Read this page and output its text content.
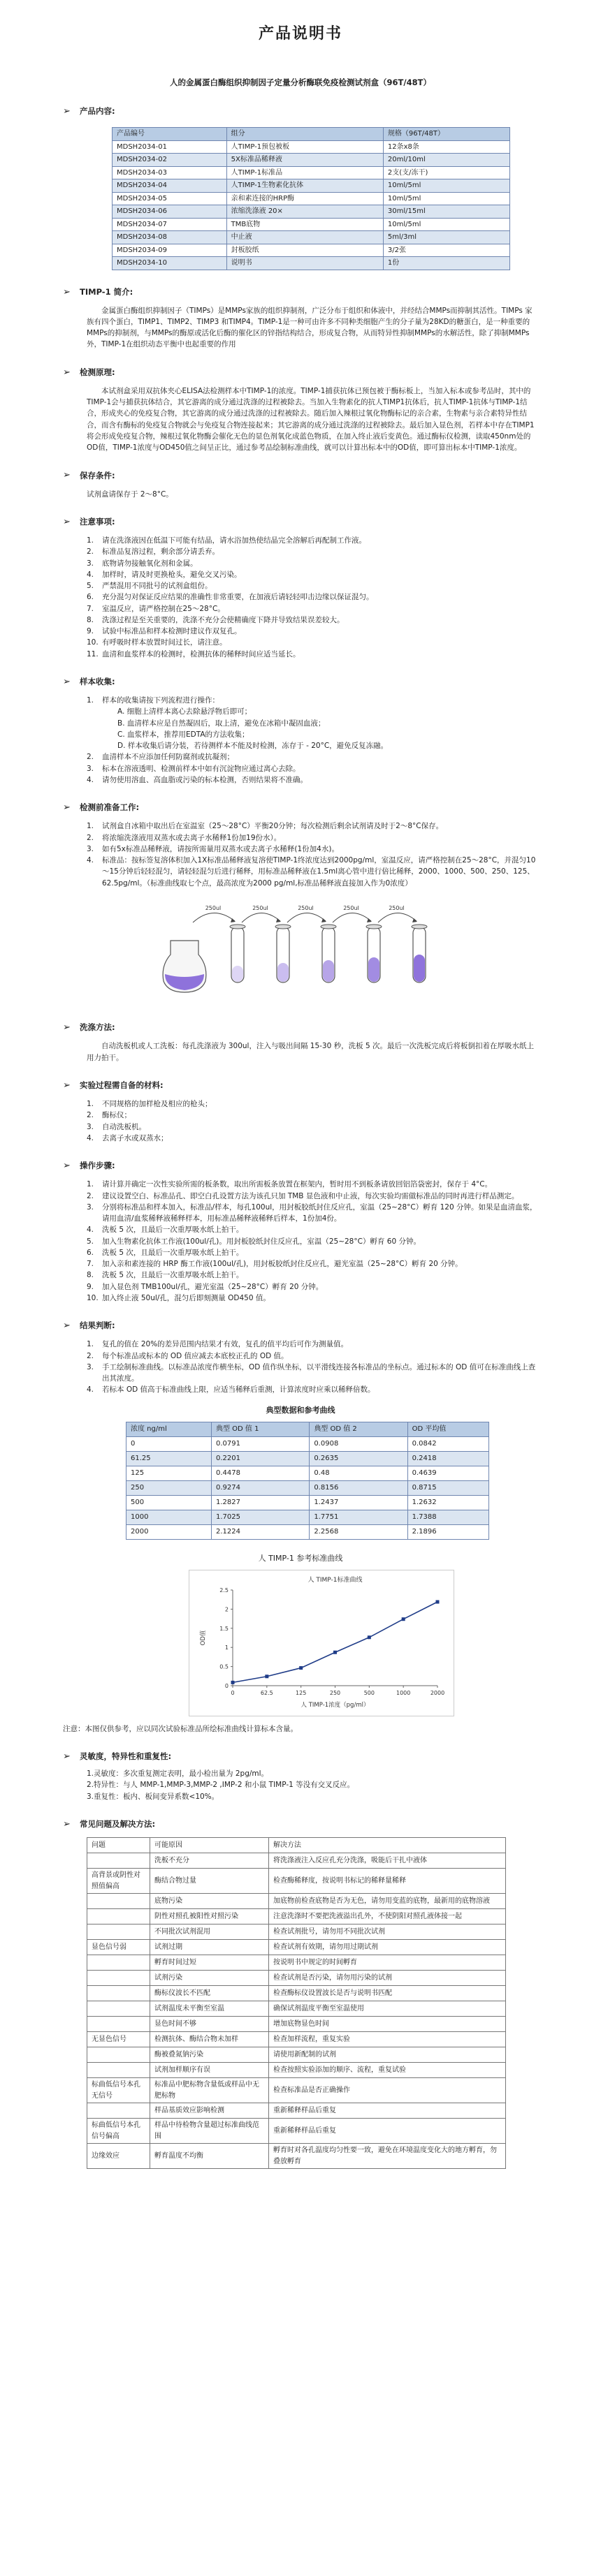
产品说明书
人的金属蛋白酶组织抑制因子定量分析酶联免疫检测试剂盒（96T/48T）
➢	产品内容:
产品编号	组分	规格（96T/48T）
MDSH2034-01	人TIMP-1预包被板	12条x8条
MDSH2034-02	5X标准品稀释液	20ml/10ml
MDSH2034-03	人TIMP-1标准品	2支(支/冻干)
MDSH2034-04	人TIMP-1生物素化抗体	10ml/5ml
MDSH2034-05	亲和素连接的HRP酶	10ml/5ml
MDSH2034-06	浓缩洗涤液 20×	30ml/15ml
MDSH2034-07	TMB底物	10ml/5ml
MDSH2034-08	中止液	5ml/3ml
MDSH2034-09	封板胶纸	3/2张
MDSH2034-10	说明书	1份
➢	TIMP-1 简介:

金属蛋白酶组织抑制因子（TIMPs）是MMPs家族的组织抑制剂，广泛分布于组织和体液中，并经结合MMPs而抑制其活性。TIMPs 家族有四个蛋白，TIMP1、TIMP2、TIMP3 和TIMP4。TIMP-1是一种可由许多不同种类细胞产生的分子量为28KD的糖蛋白，是一种重要的MMPs的抑制剂，与MMPs的酶原或活化后酶的催化区的锌指结构结合，形成复合物，从而特异性抑制MMPs的水解活性，除了抑制MMPs外，TIMP-1在组织动态平衡中也起重要的作用

➢	检测原理:

本试剂盒采用双抗体夹心ELISA法检测样本中TIMP-1的浓度。TIMP-1捕获抗体已预包被于酶标板上，当加入标本或参考品时，其中的TIMP-1会与捕获抗体结合，其它游离的成分通过洗涤的过程被除去。当加入生物素化的抗人TIMP1抗体后，抗人TIMP-1抗体与TIMP-1结合，形成夹心的免疫复合物，其它游离的成分通过洗涤的过程被除去。随后加入辣根过氧化物酶标记的亲合素，生物素与亲合素特异性结合，而含有酶标的免疫复合物就会与免疫复合物连接起来；其它游离的成分通过洗涤的过程被除去。最后加入显色剂，若样本中存在TIMP1将会形成免疫复合物，辣根过氧化物酶会催化无色的显色剂氧化成蓝色物质，在加入终止液后变黄色。通过酶标仪检测，读取450nm处的OD值，TIMP-1浓度与OD450值之间呈正比，通过参考品绘制标准曲线，就可以计算出标本中的OD值，即可算出标本中TIMP-1浓度。

➢	保存条件:

试剂盒请保存于 2～8°C。

➢	注意事项:
1.	请在洗涤液因在低温下可能有结晶，请水浴加热使结晶完全溶解后再配制工作液。
2.	标准品复溶过程，剩余部分请丢弃。
3.	底物请勿接触氧化剂和金属。
4.	加样时，请及时更换枪头，避免交叉污染。
5.	严禁混用不同批号的试剂盒组份。
6.	充分混匀对保证反应结果的准确性非常重要，在加液后请轻轻叩击边缘以保证混匀。
7.	室温反应，请严格控制在25～28°C。
8.	洗涤过程是至关重要的，洗涤不充分会使精确度下降并导致结果误差较大。
9.	试验中标准品和样本检测时建议作双复孔。
10. 有呼吸时样本放置时间过长，请注意。
11. 血清和血浆样本的检测时，检测抗体的稀释时间应适当延长。
➢	样本收集:
1.	样本的收集请按下列流程进行操作：
A. 细胞上清样本离心去除悬浮物后即可；
B. 血清样本应是自然凝固后，取上清，避免在冰箱中凝固血液；
C. 血浆样本，推荐用EDTA的方法收集；
D. 样本收集后请分装，若待测样本不能及时检测，冻存于 - 20°C，避免反复冻融。
2.	血清样本不应添加任何防腐剂或抗凝剂；
3.	标本在溶液透明、检测前样本中如有沉淀物应通过离心去除。
4.	请勿使用溶血、高血脂或污染的标本检测，否则结果将不准确。
➢	检测前准备工作:
1.	试剂盒自冰箱中取出后在室温室（25～28°C）平衡20分钟；每次检测后剩余试剂请及时于2～8°C保存。
2.	将浓缩洗涤液用双蒸水或去离子水稀释1份加19份水）。
3.	如有5x标准品稀释液，请按所需量用双蒸水或去离子水稀释(1份加4水)。
4.	标准品：按标签复溶体积加入1X标准品稀释液复溶使TIMP-1终浓度达到2000pg/ml，室温反应，请严格控制在25～28°C，并混匀10～15分钟后轻轻混匀，请轻轻混匀后进行稀释，用标准品稀释液在1.5ml离心管中进行倍比稀释，2000、1000、500、250、125、62.5pg/ml。（标准曲线取七个点，最高浓度为2000 pg/ml,标准品稀释液直接加入作为0浓度）
250ul	250ul	250ul	250ul	250ul
➢	洗涤方法:

自动洗板机或人工洗板：每孔洗涤液为 300ul，注入与吸出间隔 15-30 秒，洗板 5 次。最后一次洗板完成后将板倒扣着在厚吸水纸上用力拍干。

➢	实验过程需自备的材料:
1.	不同规格的加样枪及相应的枪头；
2.	酶标仪；
3.	自动洗板机。
4.	去离子水或双蒸水；
➢	操作步骤:
1.	请计算并确定一次性实验所需的板条数，取出所需板条放置在框架内，暂时用不到板条请放回铝箔袋密封，保存于 4°C。
2.	建议设置空白、标准品孔、即空白孔设置方法为该孔只加 TMB 显色液和中止液，每次实验均需做标准品的同时再进行样品测定。
3.	分别将标准品和样本加入，标准品/样本，每孔100ul，用封板胶纸封住反应孔，室温（25~28°C）孵育 120 分钟。如果是血清血浆，请用血清/血浆稀释液稀释样本，用标准品稀释液稀释后样本，1份加4份。
4.	洗板 5 次，且最后一次重厚吸水纸上拍干。
5.	加入生物素化抗体工作液(100ul/孔)。用封板胶纸封住反应孔，室温（25~28°C）孵育 60 分钟。
6.	洗板 5 次，且最后一次重厚吸水纸上拍干。
7.	加入亲和素连接的 HRP 酶工作液(100ul/孔)，用封板胶纸封住反应孔，避光室温（25~28°C）孵育 20 分钟。
8.	洗板 5 次，且最后一次重厚吸水纸上拍干。
9.	加入显色剂 TMB100ul/孔，避光室温（25~28°C）孵育 20 分钟。
10. 加入终止液 50ul/孔，混匀后即刻测量 OD450 值。
➢	结果判断:
1.	复孔的值在 20%的差异范围内结果才有效，复孔的值平均后可作为测量值。
2.	每个标准品或标本的 OD 值应减去本底校正孔的 OD 值。
3.	手工绘制标准曲线。以标准品浓度作横坐标，OD 值作纵坐标，以平滑线连接各标准品的坐标点。通过标本的 OD 值可在标准曲线上查出其浓度。
4.	若标本 OD 值高于标准曲线上限，应适当稀释后重测，计算浓度时应乘以稀释倍数。
典型数据和参考曲线
浓度 ng/ml	典型 OD 值 1	典型 OD 值 2	OD 平均值
0	0.0791	0.0908	0.0842
61.25	0.2201	0.2635	0.2418
125	0.4478	0.48	0.4639
250	0.9274	0.8156	0.8715
500	1.2827	1.2437	1.2632
1000	1.7025	1.7751	1.7388
2000	2.1224	2.2568	2.1896
人 TIMP-1 参考标准曲线
人 TIMP-1标准曲线
0
0.5
1
1.5
2
2.5
0	62.5	125	250	500	1000	2000
人 TIMP-1浓度（pg/ml）
OD值
注意：本图仅供参考，应以同次试验标准品所绘标准曲线计算标本含量。
➢	灵敏度，特异性和重复性:
1.灵敏度：多次重复测定表明，最小检出量为 2pg/ml。
2.特异性：与人 MMP-1,MMP-3,MMP-2 ,IMP-2 和小鼠 TIMP-1 等没有交叉反应。
3.重复性：板内、板间变异系数<10%。
➢	常见问题及解决方法:
问题	可能原因	解决方法
	洗板不充分	将洗涤液注入反应孔充分洗涤，吸能后干扎中液体
高背景或阴性对照值偏高	酶结合物过量	检查酶稀释度，按说明书标记的稀释量稀释
	底物污染	加底物前检查底物是否为无色，请勿用变蓝的底物，最新用的底物溶液
	阴性对照孔被阳性对照污染	注意洗涤时不要把洗液溢出孔外，不使阴阳对照孔液体接一起
	不同批次试剂混用	检查试剂批号，请勿用不同批次试剂
显色信号弱	试剂过期	检查试剂有效期，请勿用过期试剂
	孵育时间过短	按说明书中规定的时间孵育
	试剂污染	检查试剂是否污染，请勿用污染的试剂
	酶标仪波长不匹配	检查酶标仪设置波长是否与说明书匹配
	试剂温度未平衡至室温	确保试剂温度平衡至室温使用
	显色时间不够	增加底物显色时间
无显色信号	检测抗体、酶结合物未加样	检查加样流程，重复实验
	酶被叠氮钠污染	请使用新配制的试剂
	试剂加样顺序有误	检查按照实验添加的顺序、流程，重复试验
标曲低信号本孔无信号	标准品中肥标物含量低或样品中无肥标物	检查标准品是否正确操作
	样品基质效应影响检测	重新稀释样品后重复
标曲低信号本孔信号偏高	样品中待检物含量超过标准曲线范围	重新稀释样品后重复
边缘效应	孵育温度不均衡	孵育时对各孔温度均匀性要一致，避免在环境温度变化大的地方孵育，勿叠放孵育
